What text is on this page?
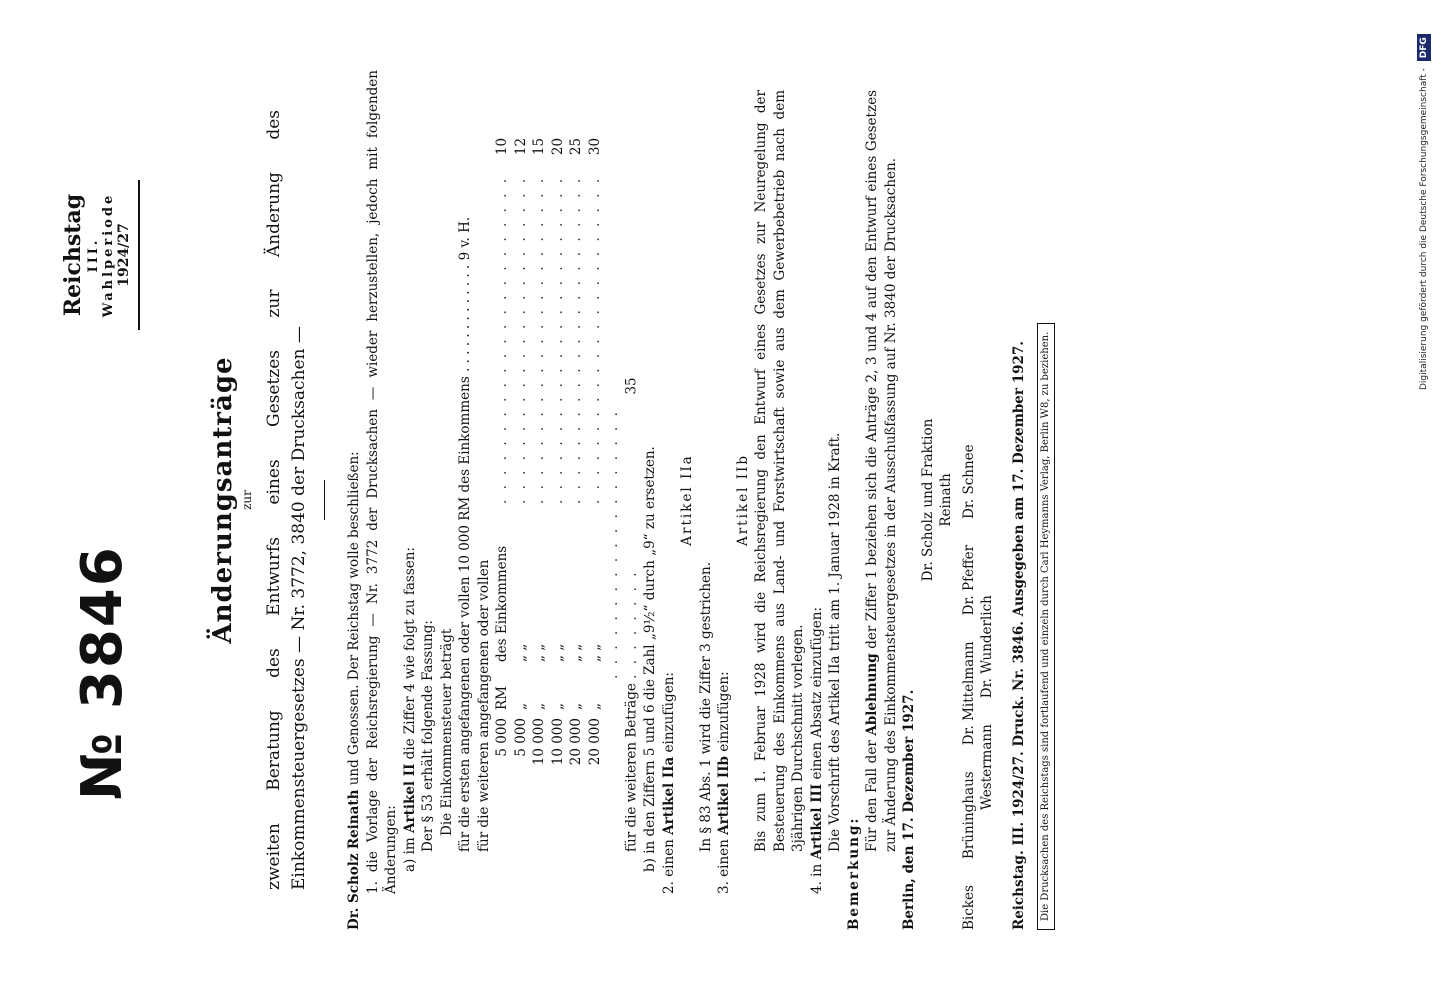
№ 3846
Reichstag III. Wahlperiode 1924/27
Änderungsanträge zur zweiten Beratung des Entwurfs eines Gesetzes zur Änderung des Einkommensteuergesetzes — Nr. 3772, 3840 der Drucksachen —

Dr. Scholz Reinath und Genossen. Der Reichstag wolle beschließen: 1. die Vorlage der Reichsregierung — Nr. 3772 der Drucksachen — wieder herzustellen, jedoch mit folgenden Änderungen: a) im Artikel II die Ziffer 4 wie folgt zu fassen: Der § 53 erhält folgende Fassung: Die Einkommensteuer beträgt für die ersten angefangenen oder vollen 10 000 RM des Einkommens . . . . . . . . . . . . . 9 v. H. für die weiteren angefangenen oder vollen 5 000	RM	des Einkommens	. . . . . . . . . . . . . . . . . . . . . . .	10
5 000	„	„ „	. . . . . . . . . . . . . . . . . . . . . . .	12
10 000	„	„ „	. . . . . . . . . . . . . . . . . . . . . . .	15
10 000	„	„ „	. . . . . . . . . . . . . . . . . . . . . . .	20
20 000	„	„ „	. . . . . . . . . . . . . . . . . . . . . . .	25
20 000	„	„ „	. . . . . . . . . . . . . . . . . . . . . . .	30

für die weiteren Beträge . . . . . . . . . . . . . . . . . . . . . . . . . . . 35

b) in den Ziffern 5 und 6 die Zahl „9½“ durch „9“ zu ersetzen. 2. einen Artikel IIa einzufügen:

Artikel IIa

In § 83 Abs. 1 wird die Ziffer 3 gestrichen.

3. einen Artikel IIb einzufügen:

Artikel IIb Bis zum 1. Februar 1928 wird die Reichsregierung den Entwurf eines Gesetzes zur Neuregelung der Besteuerung des Einkommens aus Land- und Forstwirtschaft sowie aus dem Gewerbebetrieb nach dem 3jährigen Durchschnitt vorlegen.

4. in Artikel III einen Absatz einzufügen: Die Vorschrift des Artikel IIa tritt am 1. Januar 1928 in Kraft.

Bemerkung:

Für den Fall der Ablehnung der Ziffer 1 beziehen sich die Anträge 2, 3 und 4 auf den Entwurf eines Gesetzes zur Änderung des Einkommensteuergesetzes in der Ausschußfassung auf Nr. 3840 der Drucksachen. Berlin, den 17. Dezember 1927.

Dr. Scholz und Fraktion Reinath

Bickes
Brüninghaus
Dr. Mittelmann
Dr. Pfeffer
Dr. Schnee
Westermann
Dr. Wunderlich Reichstag. III. 1924/27. Druck. Nr. 3846. Ausgegeben am 17. Dezember 1927. Die Drucksachen des Reichstags sind fortlaufend und einzeln durch Carl Heymanns Verlag, Berlin W8, zu beziehen.
Digitalisierung gefördert durch die Deutsche Forschungsgemeinschaft - DFG
